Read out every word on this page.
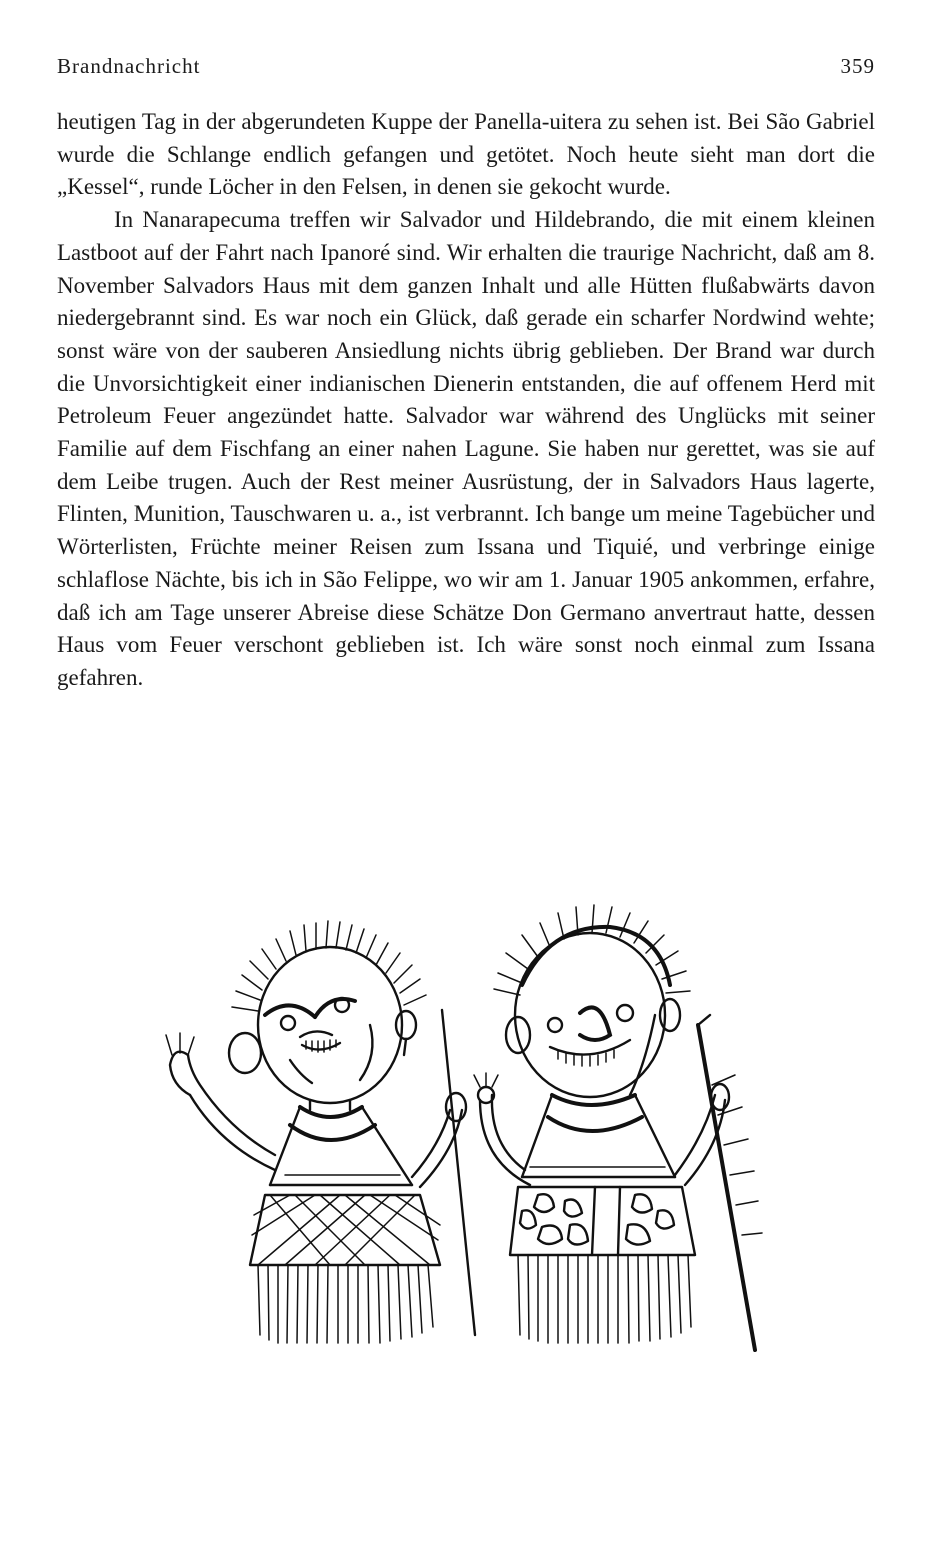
Brandnachricht	359

heutigen Tag in der abgerundeten Kuppe der Panella-uitera zu sehen ist. Bei São Gabriel wurde die Schlange endlich gefangen und getötet. Noch heute sieht man dort die „Kessel“, runde Löcher in den Felsen, in denen sie gekocht wurde.

In Nanarapecuma treffen wir Salvador und Hildebrando, die mit einem kleinen Lastboot auf der Fahrt nach Ipanoré sind. Wir erhalten die traurige Nachricht, daß am 8. November Salvadors Haus mit dem ganzen Inhalt und alle Hütten flußabwärts davon niedergebrannt sind. Es war noch ein Glück, daß gerade ein scharfer Nordwind wehte; sonst wäre von der sauberen Ansiedlung nichts übrig geblieben. Der Brand war durch die Unvorsichtigkeit einer indianischen Dienerin entstanden, die auf offenem Herd mit Petroleum Feuer angezündet hatte. Salvador war während des Unglücks mit seiner Familie auf dem Fischfang an einer nahen Lagune. Sie haben nur gerettet, was sie auf dem Leibe trugen. Auch der Rest meiner Ausrüstung, der in Salvadors Haus lagerte, Flinten, Munition, Tauschwaren u. a., ist verbrannt. Ich bange um meine Tagebücher und Wörterlisten, Früchte meiner Reisen zum Issana und Tiquié, und verbringe einige schlaflose Nächte, bis ich in São Felippe, wo wir am 1. Januar 1905 ankommen, erfahre, daß ich am Tage unserer Abreise diese Schätze Don Germano anvertraut hatte, dessen Haus vom Feuer verschont geblieben ist. Ich wäre sonst noch einmal zum Issana gefahren.
